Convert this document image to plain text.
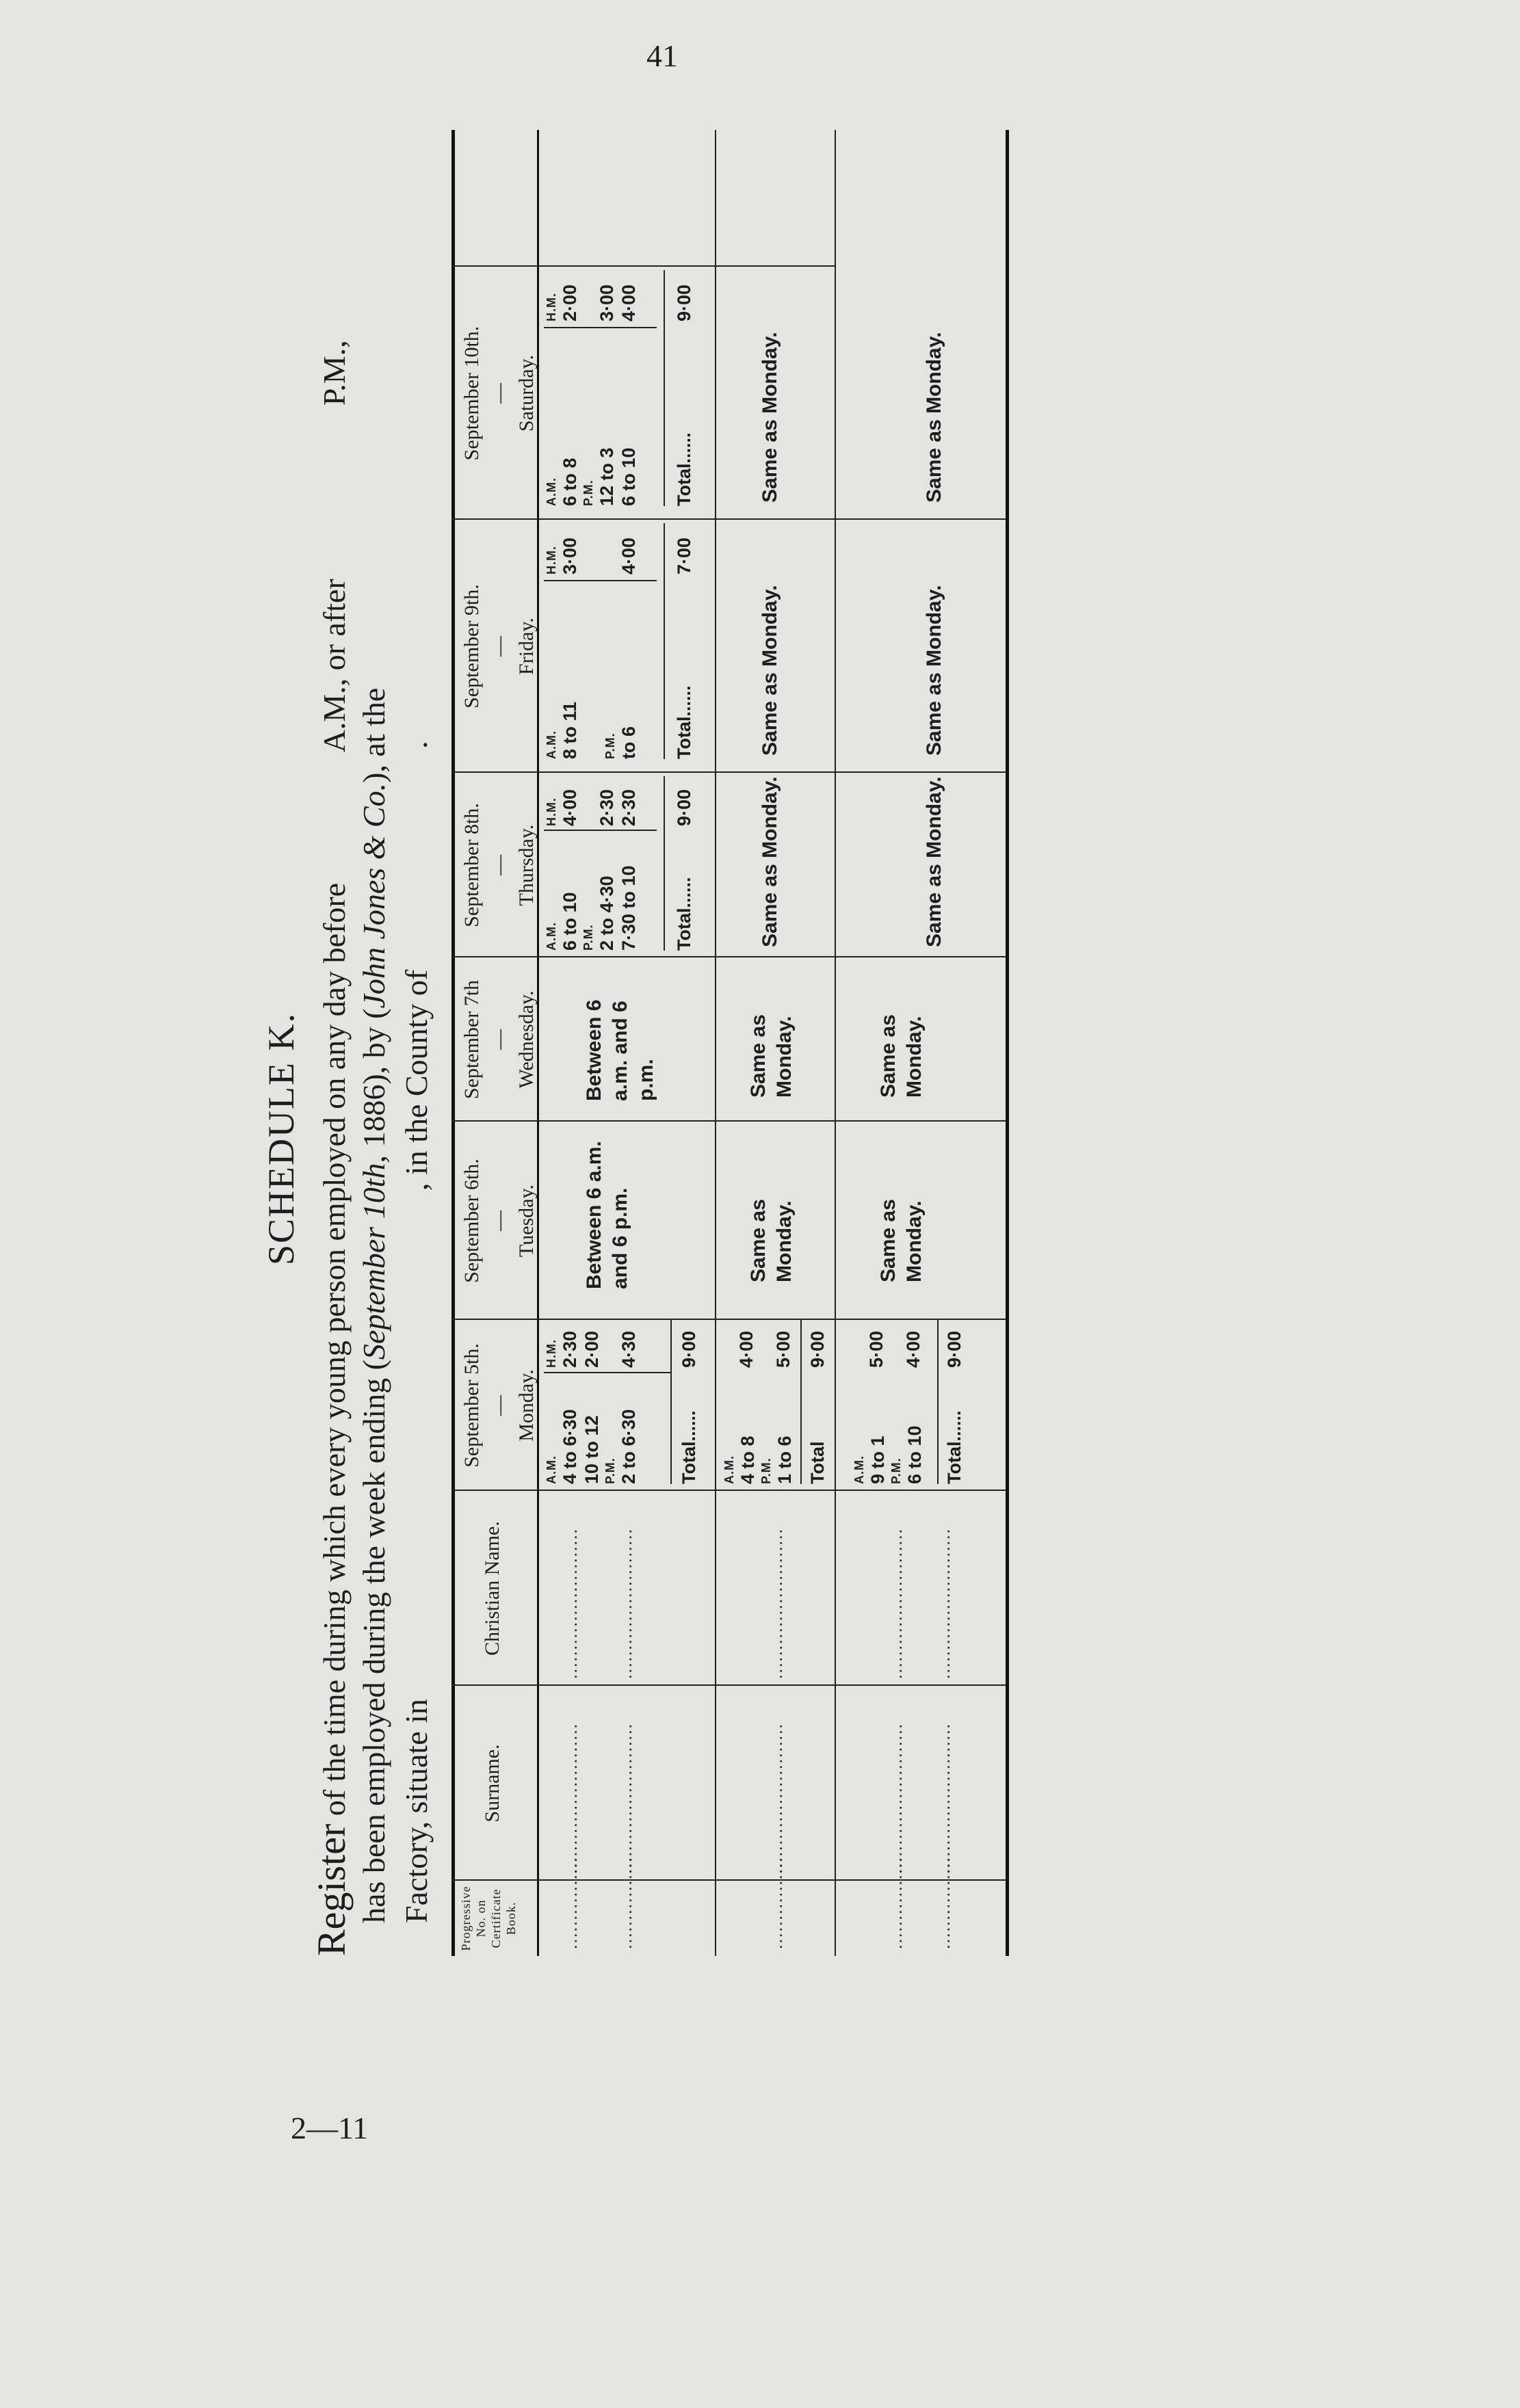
41
2—11
SCHEDULE K.
Register of the time during which every young person employed on any day before  A.M., or after  P.M.,
has been employed during the week ending (September 10th, 1886), by (John Jones & Co.), at the
Factory, situate in  , in the County of  .
Progressive No. on Certificate Book.
Surname.
Christian Name.
September 5th. — Monday.
September 6th. — Tuesday.
September 7th — Wednesday.
September 8th. — Thursday.
September 9th. — Friday.
September 10th. — Saturday.
................
..........................
..........................
................
..........................
..........................
A.M. 4 to 6·30 10 to 12 P.M. 2 to 6·30
H.M. 2·30 2·00 4·30
Total......
9·00
Between 6 a.m. and 6 p.m.
Between 6 a.m. and 6 p.m.
A.M. 6 to 10 P.M. 2 to 4·30 7·30 to 10
H.M. 4·00 2·30 2·30
Total......
9·00
A.M. 8 to 11 P.M. to 6
H.M. 3·00 4·00
Total......
7·00
A.M. 6 to 8 P.M. 12 to 3 6 to 10
H.M. 2·00 3·00 4·00
Total......
9·00
................
..........................
..........................
A.M. 4 to 8 P.M. 1 to 6
4·00 5·00
Total
9·00
Same as Monday.
Same as Monday.
Same as Monday.
Same as Monday.
Same as Monday.
................
..........................
..........................
................
..........................
..........................
A.M. 9 to 1 P.M. 6 to 10
5·00 4·00
Total......
9·00
Same as Monday.
Same as Monday.
Same as Monday.
Same as Monday.
Same as Monday.
